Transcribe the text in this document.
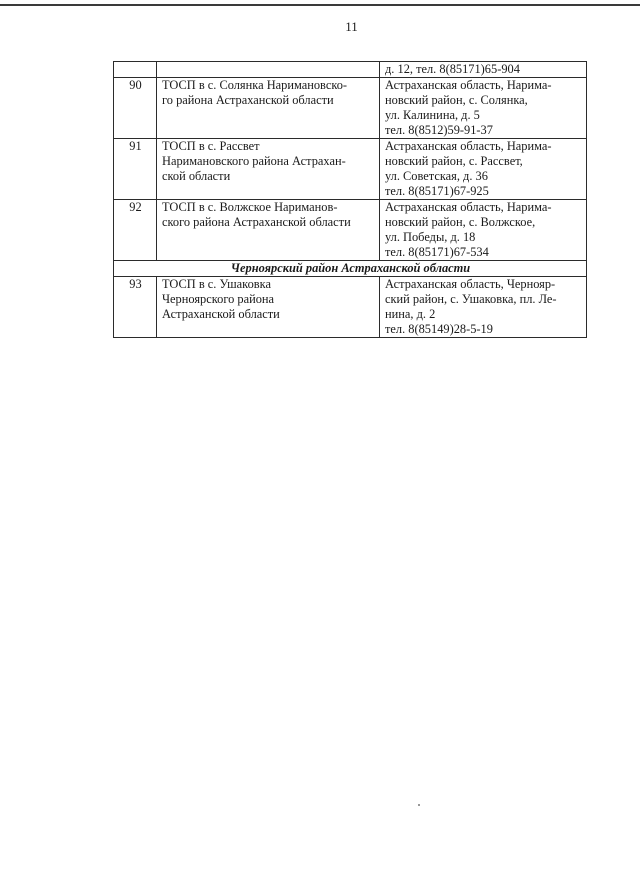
11

		д. 12, тел. 8(85171)65-904

90	ТОСП в с. Солянка Наримановско-
го района Астраханской области	Астраханская область, Нарима-
новский район, с. Солянка,
ул. Калинина, д. 5
тел. 8(8512)59-91-37

91	ТОСП в с. Рассвет
Наримановского района Астрахан-
ской области	Астраханская область, Нарима-
новский район, с. Рассвет,
ул. Советская, д. 36
тел. 8(85171)67-925

92	ТОСП в с. Волжское Нариманов-
ского района Астраханской области	Астраханская область, Нарима-
новский район, с. Волжское,
ул. Победы, д. 18
тел. 8(85171)67-534

Черноярский район Астраханской области		
93	ТОСП в с. Ушаковка
Черноярского района
Астраханской области	Астраханская область, Чернояр-
ский район, с. Ушаковка, пл. Ле-
нина, д. 2
тел. 8(85149)28-5-19
